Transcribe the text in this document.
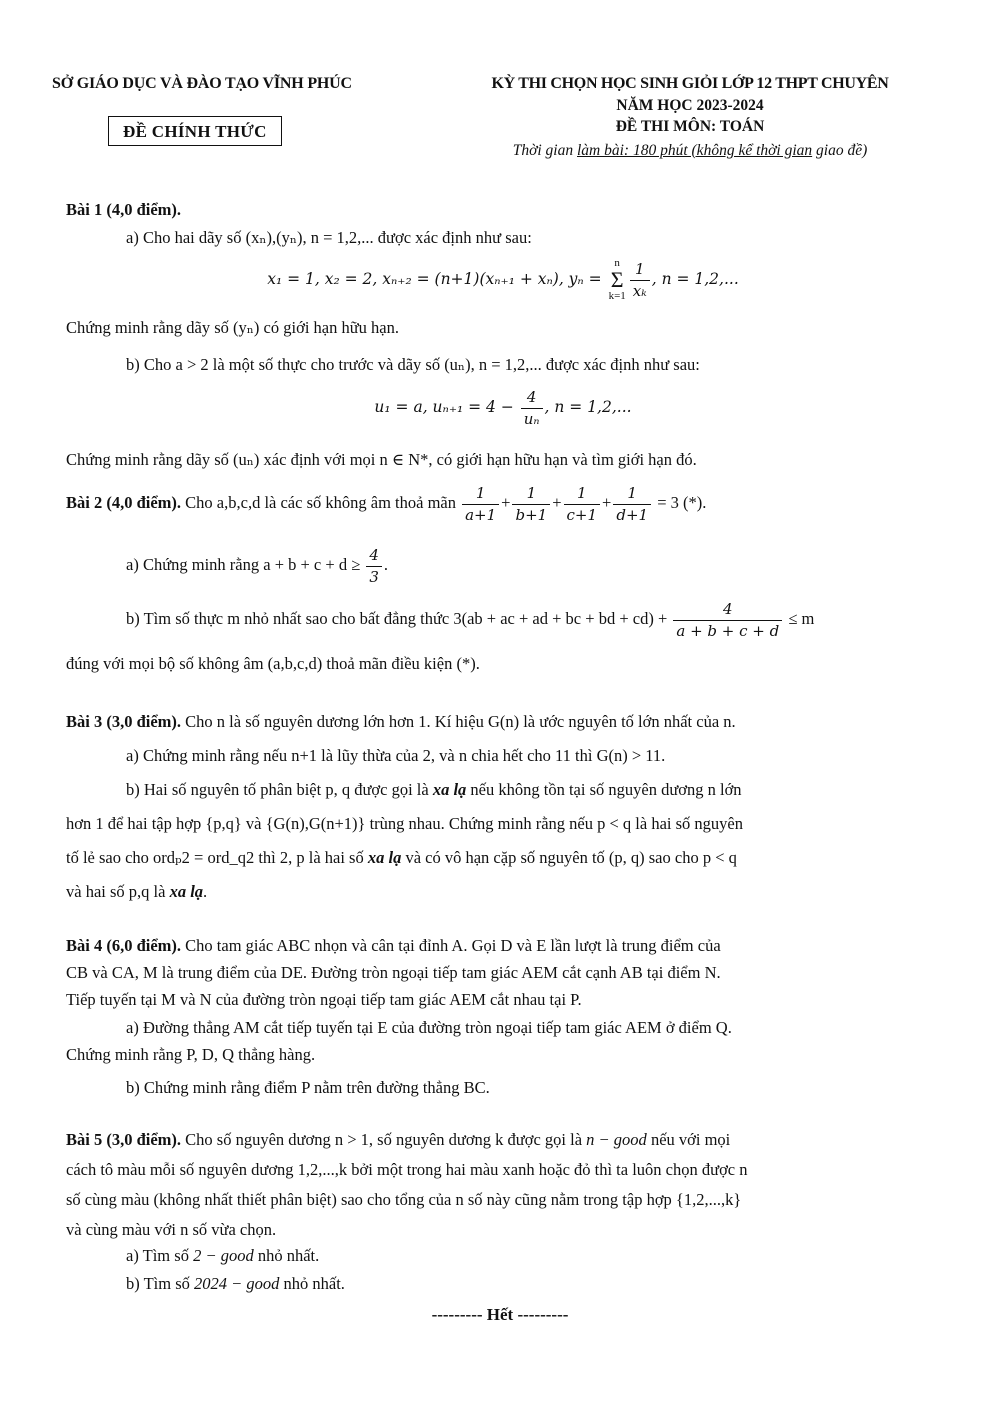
SỞ GIÁO DỤC VÀ ĐÀO TẠO VĨNH PHÚC
ĐỀ CHÍNH THỨC
KỲ THI CHỌN HỌC SINH GIỎI LỚP 12 THPT CHUYÊN
NĂM HỌC 2023-2024
ĐỀ THI MÔN: TOÁN
Thời gian làm bài: 180 phút (không kể thời gian giao đề)
Bài 1 (4,0 điểm).
a) Cho hai dãy số (xₙ),(yₙ), n = 1,2,... được xác định như sau:
x₁ = 1, x₂ = 2, xₙ₊₂ = (n+1)(xₙ₊₁ + xₙ), yₙ = n
Σ
$k=1 \frac{1}{\text{xₖ}}$ , n = 1,2,...
Chứng minh rằng dãy số (yₙ) có giới hạn hữu hạn.
b) Cho a > 2 là một số thực cho trước và dãy số (uₙ), n = 1,2,... được xác định như sau:
u₁ = a, $u_{n+1} = 4 - \frac{4}{\text{uₙ}}$ , n = 1,2,...
Chứng minh rằng dãy số (uₙ) xác định với mọi n ∈ N*, có giới hạn hữu hạn và tìm giới hạn đó.
Bài 2 (4,0 điểm). Cho a,b,c,d là các số không âm thoả mãn $\frac{1}{a+1} + \frac{1}{b+1} + \frac{1}{c+1} + \frac{1}{d+1} = 3$ (*).
a) Chứng minh rằng $a + b + c + d \ge \frac{4}{3}$ .
b) Tìm số thực m nhỏ nhất sao cho bất đẳng thức 3(ab + ac + ad + bc + bd + $cd) + \frac{4}{a + b + c + d} \le m$
đúng với mọi bộ số không âm (a,b,c,d) thoả mãn điều kiện (*).
Bài 3 (3,0 điểm). Cho n là số nguyên dương lớn hơn 1. Kí hiệu G(n) là ước nguyên tố lớn nhất của n.
a) Chứng minh rằng nếu n+1 là lũy thừa của 2, và n chia hết cho 11 thì G(n) > 11.
b) Hai số nguyên tố phân biệt p, q được gọi là xa lạ nếu không tồn tại số nguyên dương n lớn
hơn 1 để hai tập hợp {p,q} và {G(n),G(n+1)} trùng nhau. Chứng minh rằng nếu p < q là hai số nguyên
tố lẻ sao cho ordₚ2 = ord_q2 thì 2, p là hai số xa lạ và có vô hạn cặp số nguyên tố (p, q) sao cho p < q
và hai số p,q là xa lạ.
Bài 4 (6,0 điểm). Cho tam giác ABC nhọn và cân tại đỉnh A. Gọi D và E lần lượt là trung điểm của
CB và CA, M là trung điểm của DE. Đường tròn ngoại tiếp tam giác AEM cắt cạnh AB tại điểm N.
Tiếp tuyến tại M và N của đường tròn ngoại tiếp tam giác AEM cắt nhau tại P.
a) Đường thẳng AM cắt tiếp tuyến tại E của đường tròn ngoại tiếp tam giác AEM ở điểm Q.
Chứng minh rằng P, D, Q thẳng hàng.
b) Chứng minh rằng điểm P nằm trên đường thẳng BC.
Bài 5 (3,0 điểm). Cho số nguyên dương n > 1, số nguyên dương k được gọi là n − good nếu với mọi
cách tô màu mỗi số nguyên dương 1,2,...,k bởi một trong hai màu xanh hoặc đỏ thì ta luôn chọn được n
số cùng màu (không nhất thiết phân biệt) sao cho tổng của n số này cũng nằm trong tập hợp {1,2,...,k}
và cùng màu với n số vừa chọn.
a) Tìm số 2 − good nhỏ nhất.
b) Tìm số 2024 − good nhỏ nhất.
--------- Hết ---------
